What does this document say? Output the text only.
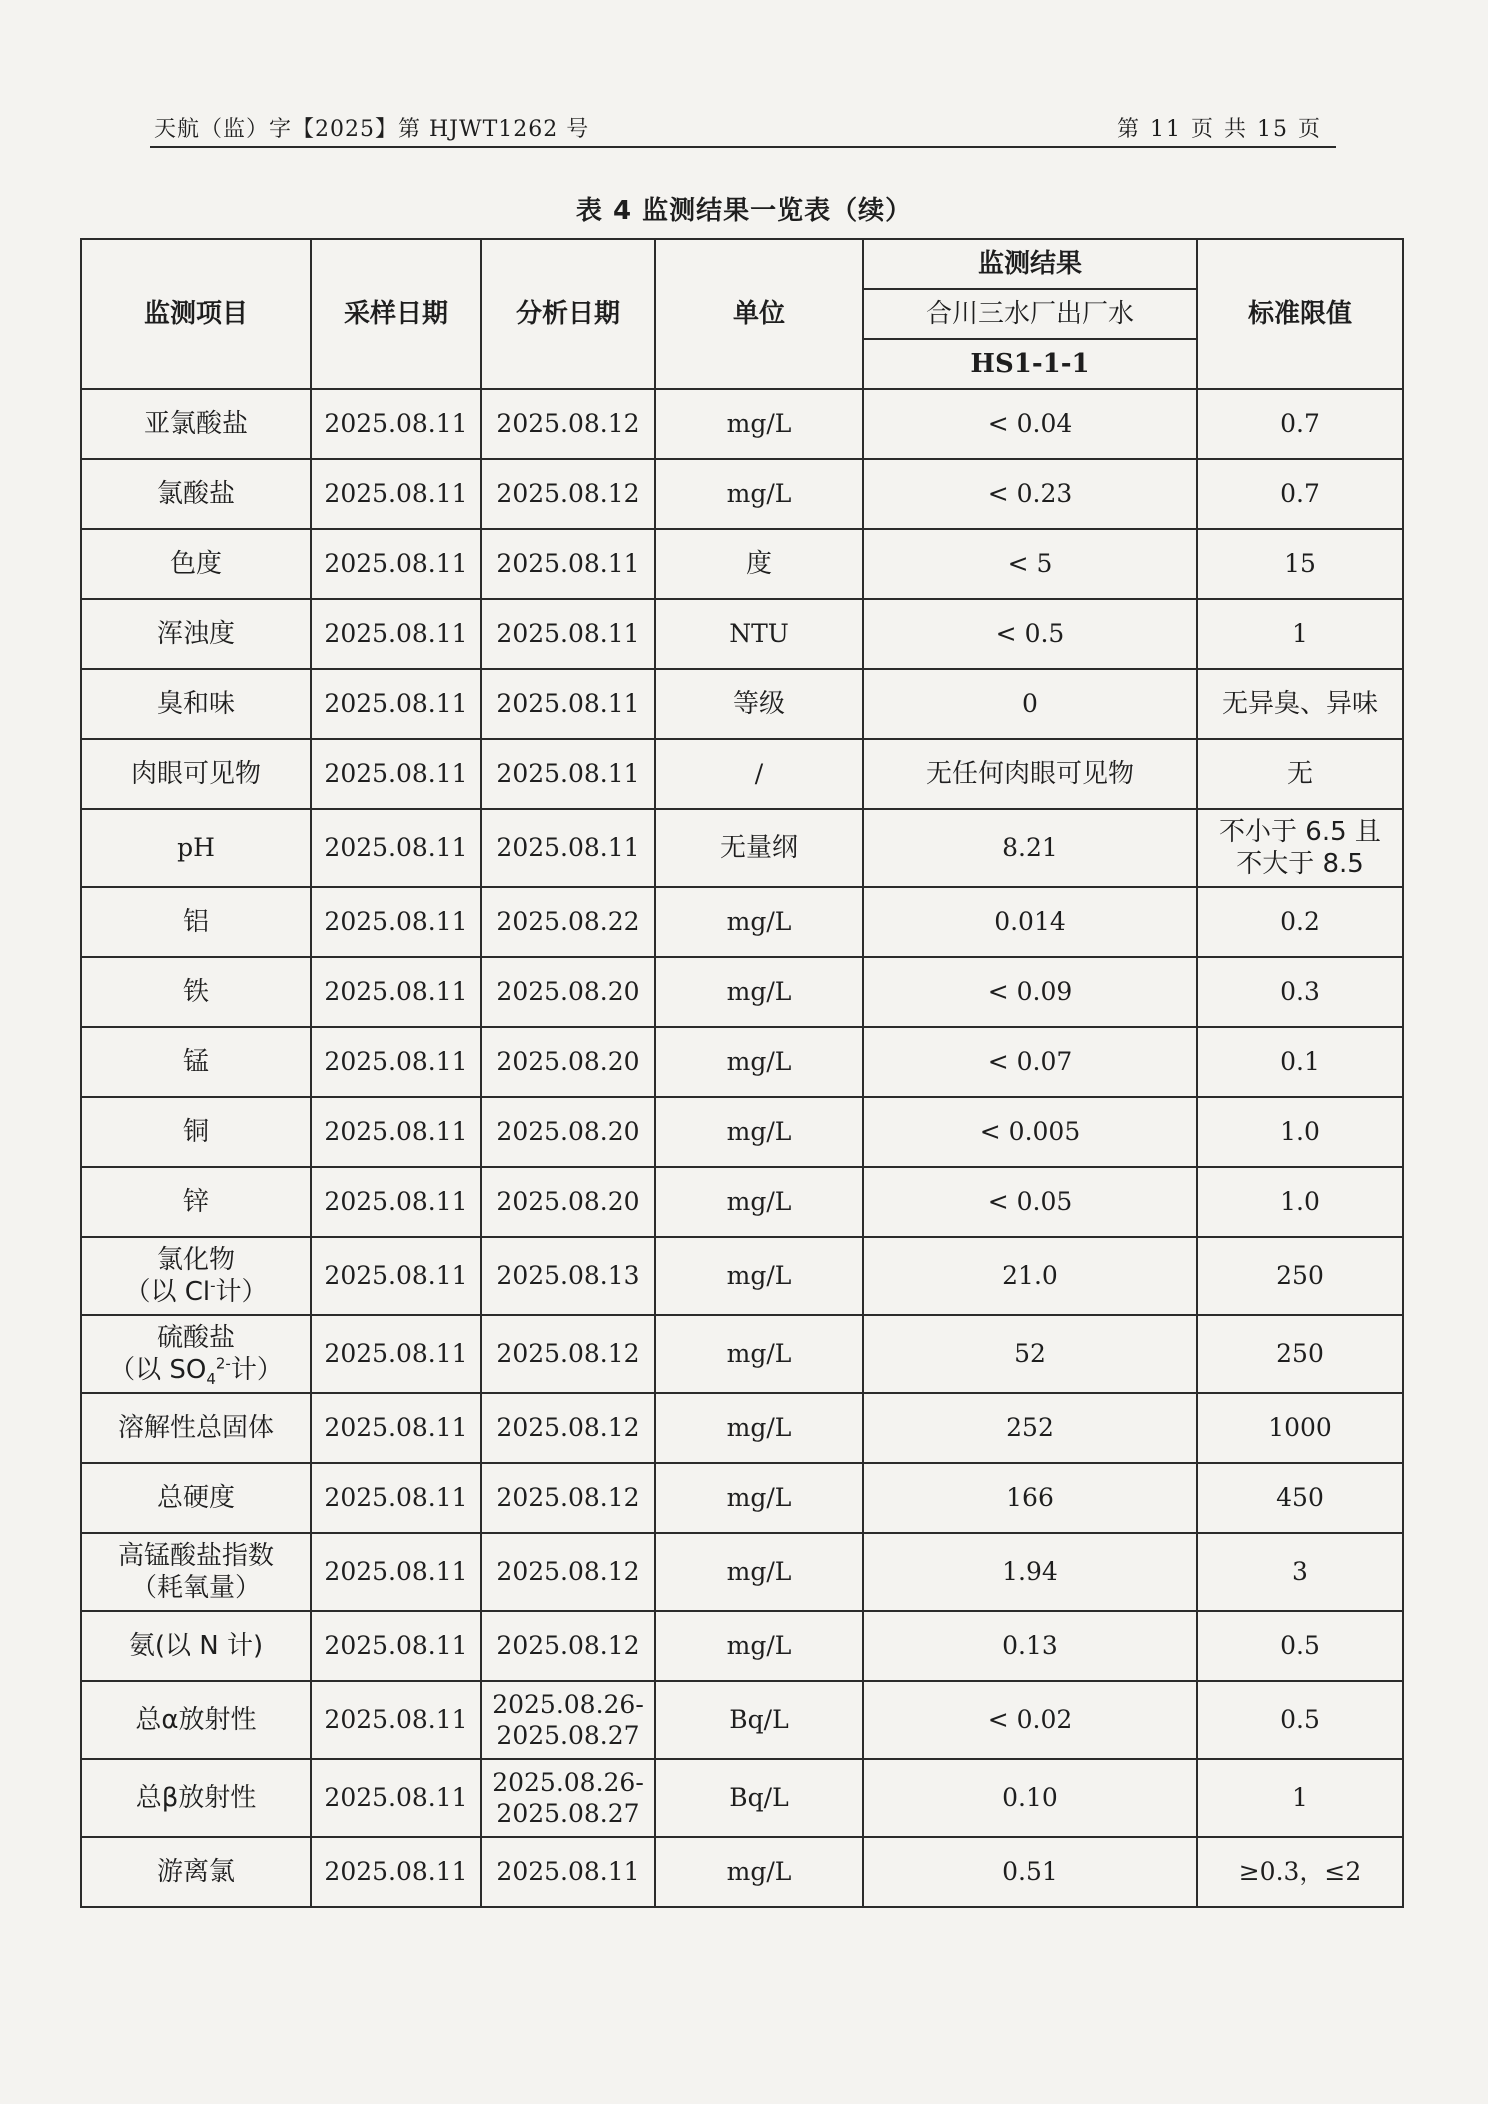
天航（监）字【2025】第 HJWT1262 号	第 11 页 共 15 页
表 4 监测结果一览表（续）
监测项目	采样日期	分析日期	单位	监测结果	标准限值
				合川三水厂出厂水	
				HS1-1-1	
亚氯酸盐	2025.08.11	2025.08.12	mg/L	< 0.04	0.7
氯酸盐	2025.08.11	2025.08.12	mg/L	< 0.23	0.7
色度	2025.08.11	2025.08.11	度	< 5	15
浑浊度	2025.08.11	2025.08.11	NTU	< 0.5	1
臭和味	2025.08.11	2025.08.11	等级	0	无异臭、异味
肉眼可见物	2025.08.11	2025.08.11	/	无任何肉眼可见物	无
pH	2025.08.11	2025.08.11	无量纲	8.21	不小于 6.5 且
不大于 8.5
铝	2025.08.11	2025.08.22	mg/L	0.014	0.2
铁	2025.08.11	2025.08.20	mg/L	< 0.09	0.3
锰	2025.08.11	2025.08.20	mg/L	< 0.07	0.1
铜	2025.08.11	2025.08.20	mg/L	< 0.005	1.0
锌	2025.08.11	2025.08.20	mg/L	< 0.05	1.0
氯化物
（以 Cl-计）	2025.08.11	2025.08.13	mg/L	21.0	250
硫酸盐
（以 $SO_4^{2-}$计）	2025.08.11	2025.08.12	mg/L	52	250
溶解性总固体	2025.08.11	2025.08.12	mg/L	252	1000
总硬度	2025.08.11	2025.08.12	mg/L	166	450
高锰酸盐指数
（耗氧量）	2025.08.11	2025.08.12	mg/L	1.94	3
氨(以 N 计)	2025.08.11	2025.08.12	mg/L	0.13	0.5
总α放射性	2025.08.11	2025.08.26-
2025.08.27	Bq/L	< 0.02	0.5
总β放射性	2025.08.11	2025.08.26-
2025.08.27	Bq/L	0.10	1
游离氯	2025.08.11	2025.08.11	mg/L	0.51	≥0.3，≤2
